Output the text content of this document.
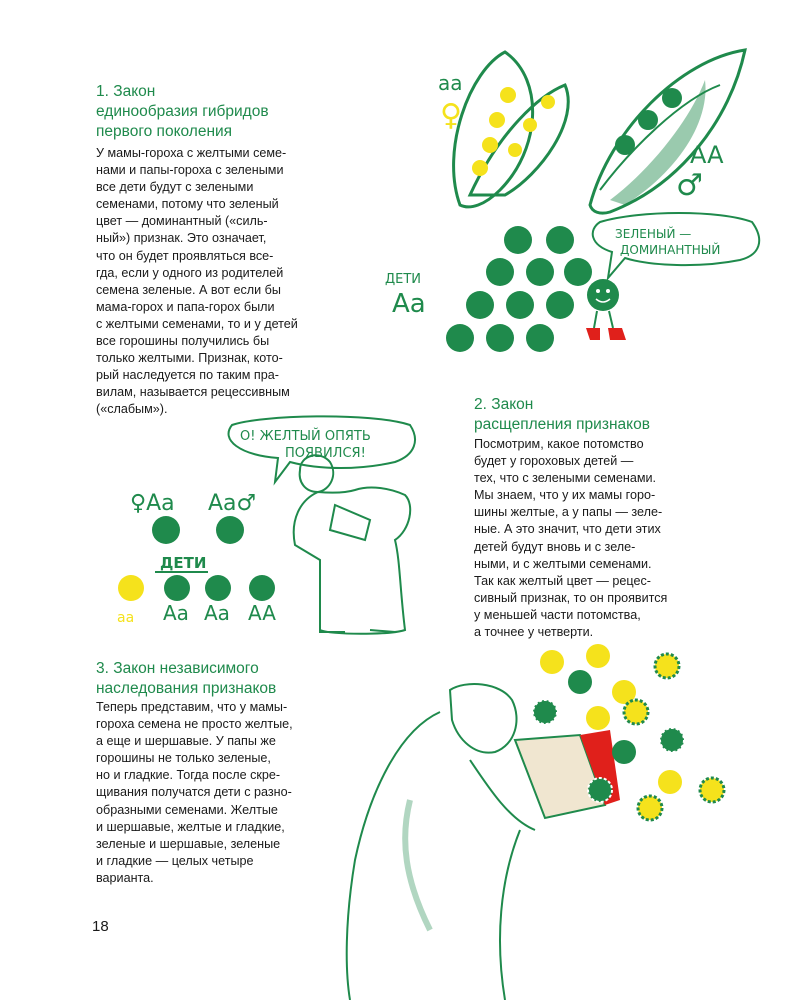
aa
♀
AA
♂
ЗЕЛЕНЫЙ —
ДОМИНАНТНЫЙ
ДЕТИ
Aa
О! ЖЕЛТЫЙ ОПЯТЬ
ПОЯВИЛСЯ!
♀Aa Aa♂
ДЕТИ
aa Aa Aa AA
1. Закон
единообразия гибридов
первого поколения

У мамы-гороха с желтыми семе-
нами и папы-гороха с зелеными
все дети будут с зелеными
семенами, потому что зеленый
цвет — доминантный («силь-
ный») признак. Это означает,
что он будет проявляться все-
гда, если у одного из родителей
семена зеленые. А вот если бы
мама-горох и папа-горох были
с желтыми семенами, то и у детей
все горошины получились бы
только желтыми. Признак, кото-
рый наследуется по таким пра-
вилам, называется рецессивным
(«слабым»).	2. Закон
расщепления признаков

Посмотрим, какое потомство
будет у гороховых детей —
тех, что с зелеными семенами.
Мы знаем, что у их мамы горо-
шины желтые, а у папы — зеле-
ные. А это значит, что дети этих
детей будут вновь и с зеле-
ными, и с желтыми семенами.
Так как желтый цвет — рецес-
сивный признак, то он проявится
у меньшей части потомства,
а точнее у четверти.

3. Закон независимого
наследования признаков

Теперь представим, что у мамы-
гороха семена не просто желтые,
а еще и шершавые. У папы же
горошины не только зеленые,
но и гладкие. Тогда после скре-
щивания получатся дети с разно-
образными семенами. Желтые
и шершавые, желтые и гладкие,
зеленые и шершавые, зеленые
и гладкие — целых четыре
варианта.

18
